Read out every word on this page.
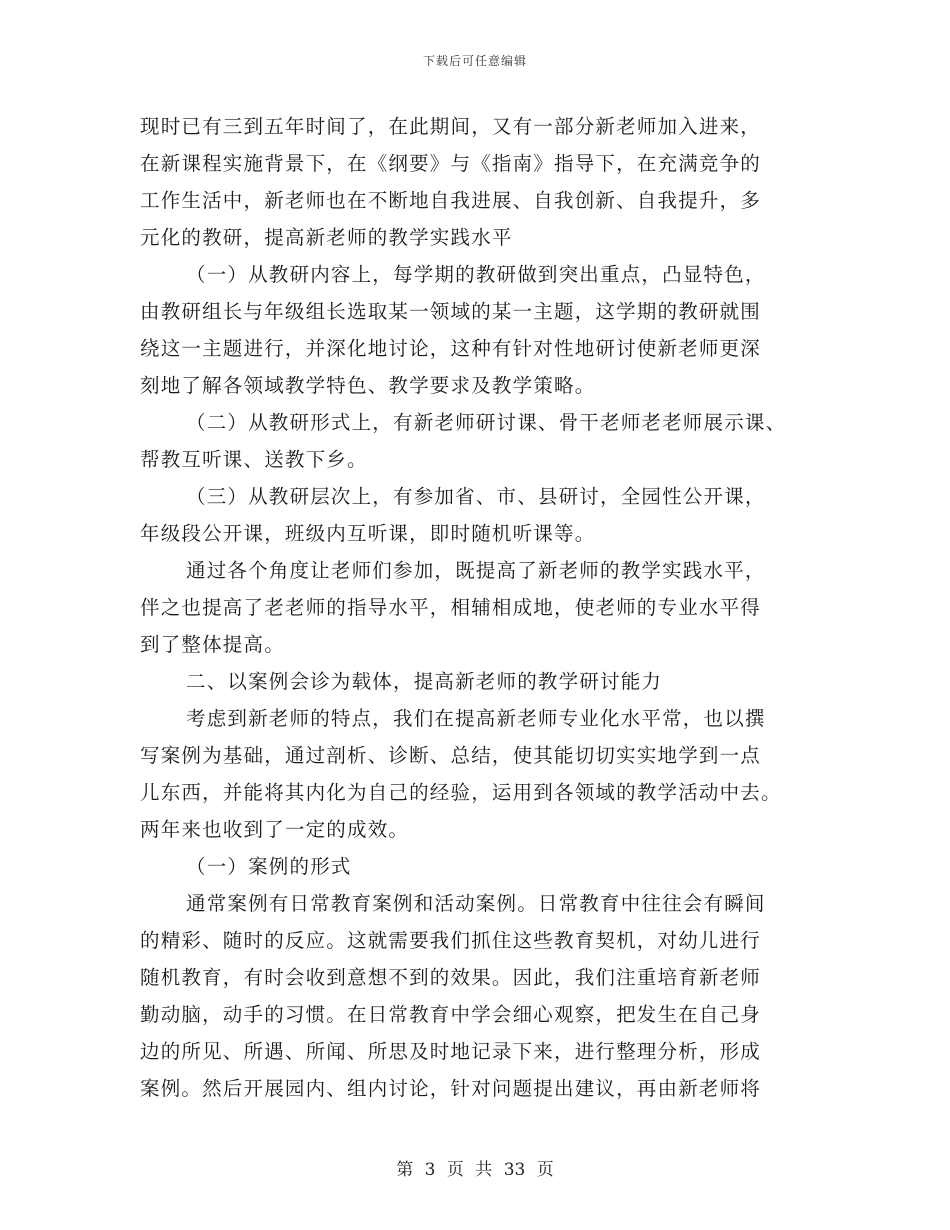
下载后可任意编辑

现时已有三到五年时间了，在此期间，又有一部分新老师加入进来，

在新课程实施背景下，在《纲要》与《指南》指导下，在充满竞争的

工作生活中，新老师也在不断地自我进展、自我创新、自我提升，多

元化的教研，提高新老师的教学实践水平

（一）从教研内容上，每学期的教研做到突出重点，凸显特色，

由教研组长与年级组长选取某一领域的某一主题，这学期的教研就围

绕这一主题进行，并深化地讨论，这种有针对性地研讨使新老师更深

刻地了解各领域教学特色、教学要求及教学策略。

（二）从教研形式上，有新老师研讨课、骨干老师老老师展示课、

帮教互听课、送教下乡。

（三）从教研层次上，有参加省、市、县研讨，全园性公开课，

年级段公开课，班级内互听课，即时随机听课等。

通过各个角度让老师们参加，既提高了新老师的教学实践水平，

伴之也提高了老老师的指导水平，相辅相成地，使老师的专业水平得

到了整体提高。

二、以案例会诊为载体，提高新老师的教学研讨能力

考虑到新老师的特点，我们在提高新老师专业化水平常，也以撰

写案例为基础，通过剖析、诊断、总结，使其能切切实实地学到一点

儿东西，并能将其内化为自己的经验，运用到各领域的教学活动中去。

两年来也收到了一定的成效。

（一）案例的形式

通常案例有日常教育案例和活动案例。日常教育中往往会有瞬间

的精彩、随时的反应。这就需要我们抓住这些教育契机，对幼儿进行

随机教育，有时会收到意想不到的效果。因此，我们注重培育新老师

勤动脑，动手的习惯。在日常教育中学会细心观察，把发生在自己身

边的所见、所遇、所闻、所思及时地记录下来，进行整理分析，形成

案例。然后开展园内、组内讨论，针对问题提出建议，再由新老师将

第 3 页 共 33 页
